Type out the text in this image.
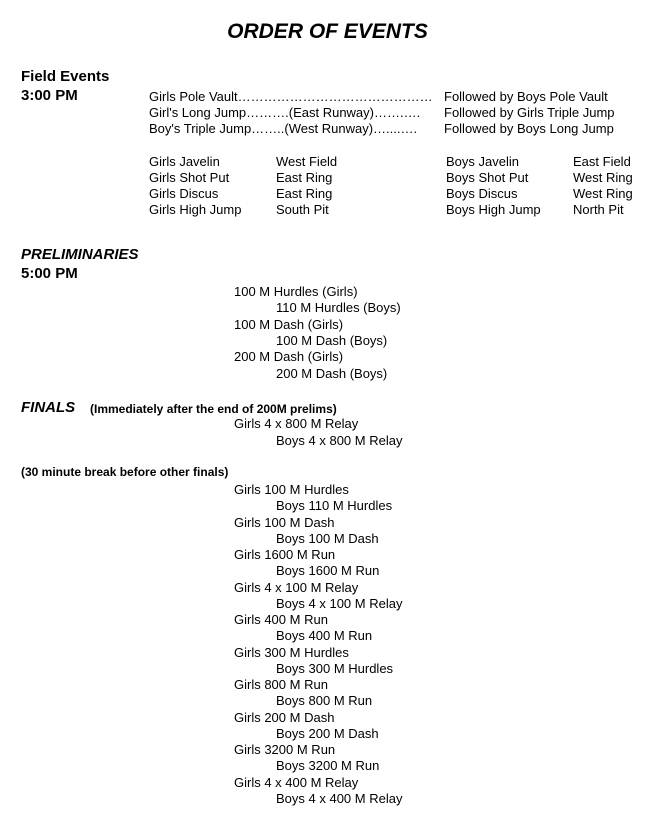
ORDER OF EVENTS
Field Events
3:00 PM	Girls Pole Vault……………………………………… Followed by Boys Pole Vault
Girl's Long Jump……….(East Runway)…….…. Followed by Girls Triple Jump
Boy's Triple Jump……..(West Runway)…....…. Followed by Boys Long Jump
Girls Javelin	West Field	Boys Javelin	East Field
Girls Shot Put	East Ring	Boys Shot Put	West Ring
Girls Discus	East Ring	Boys Discus	West Ring
Girls High Jump	South Pit	Boys High Jump North Pit
PRELIMINARIES
5:00 PM
100 M Hurdles (Girls)
110 M Hurdles (Boys)
100 M Dash (Girls)
100 M Dash (Boys)
200 M Dash (Girls)
200 M Dash (Boys)
FINALS (Immediately after the end of 200M prelims)
Girls 4 x 800 M Relay
Boys 4 x 800 M Relay
(30 minute break before other finals)
Girls 100 M Hurdles
Boys 110 M Hurdles
Girls 100 M Dash
Boys 100 M Dash
Girls 1600 M Run
Boys 1600 M Run
Girls 4 x 100 M Relay
Boys 4 x 100 M Relay
Girls 400 M Run
Boys 400 M Run
Girls 300 M Hurdles
Boys 300 M Hurdles
Girls 800 M Run
Boys 800 M Run
Girls 200 M Dash
Boys 200 M Dash
Girls 3200 M Run
Boys 3200 M Run
Girls 4 x 400 M Relay
Boys 4 x 400 M Relay
